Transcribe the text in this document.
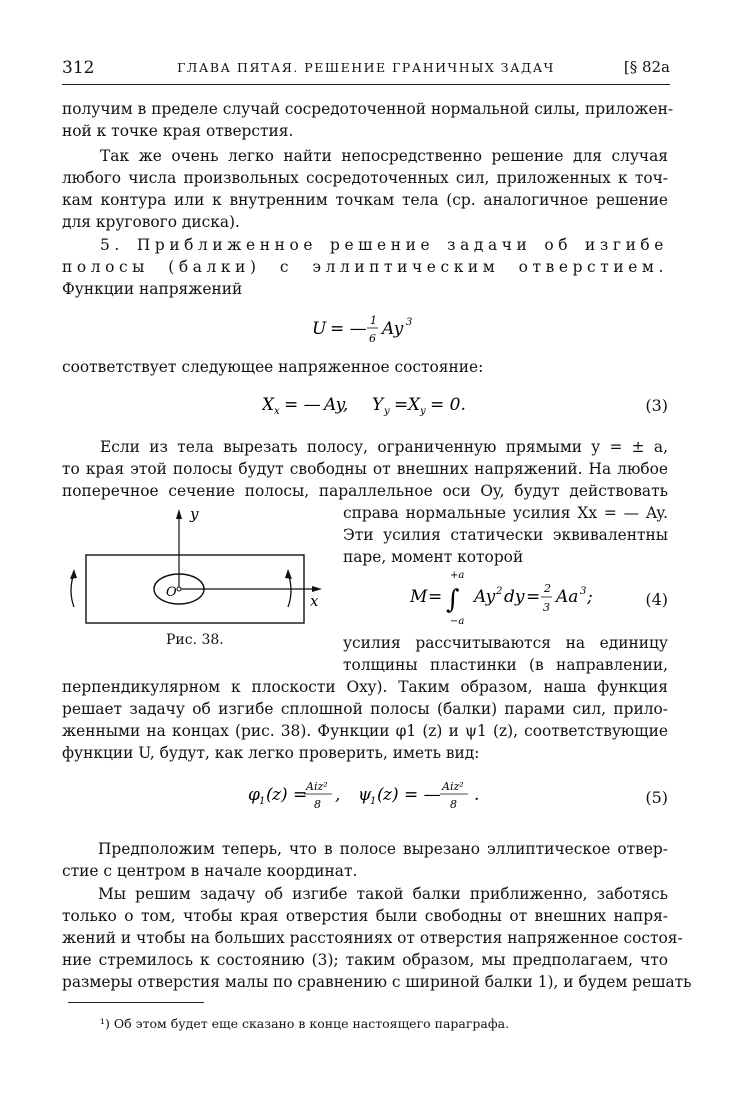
312	ГЛАВА ПЯТАЯ. РЕШЕНИЕ ГРАНИЧНЫХ ЗАДАЧ	[§ 82а
получим в пределе случай сосредоточенной нормальной силы, приложен-
ной к точке края отверстия.
Так же очень легко найти непосредственно решение для случая
любого числа произвольных сосредоточенных сил, приложенных к точ-
кам контура или к внутренним точкам тела (ср. аналогичное решение
для кругового диска).
5. Приближенное решение задачи об изгибе
полосы (балки) с эллиптическим отверстием.
Функции напряжений
U = — 1
6 Ay 3
соответствует следующее напряженное состояние:
X x = — Ay, Y y = X y = 0.	(3)
Если из тела вырезать полосу, ограниченную прямыми y = ± a,
то края этой полосы будут свободны от внешних напряжений. На любое
поперечное сечение полосы, параллельное оси Oy, будут действовать
справа нормальные усилия Xx = — Ay.
Эти усилия статически эквивалентны
паре, момент которой
y
x
O	M = ∫
+a
−a
Ay 2 dy = 2
3
Aa 3 ;	(4)
Рис. 38.	усилия рассчитываются на единицу
толщины пластинки (в направлении,
перпендикулярном к плоскости Oxy). Таким образом, наша функция
решает задачу об изгибе сплошной полосы (балки) парами сил, прило-
женными на концах (рис. 38). Функции φ1 (z) и ψ1 (z), соответствующие
функции U, будут, как легко проверить, иметь вид:
φ 1 ( z ) =
Aiz²
8 , ψ
1 ( z ) = — Aiz²
8 .	(5)
Предположим теперь, что в полосе вырезано эллиптическое отвер-
стие с центром в начале координат.
Мы решим задачу об изгибе такой балки приближенно, заботясь
только о том, чтобы края отверстия были свободны от внешних напря-
жений и чтобы на больших расстояниях от отверстия напряженное состоя-
ние стремилось к состоянию (3); таким образом, мы предполагаем, что
размеры отверстия малы по сравнению с шириной балки 1), и будем решать
¹) Об этом будет еще сказано в конце настоящего параграфа.
